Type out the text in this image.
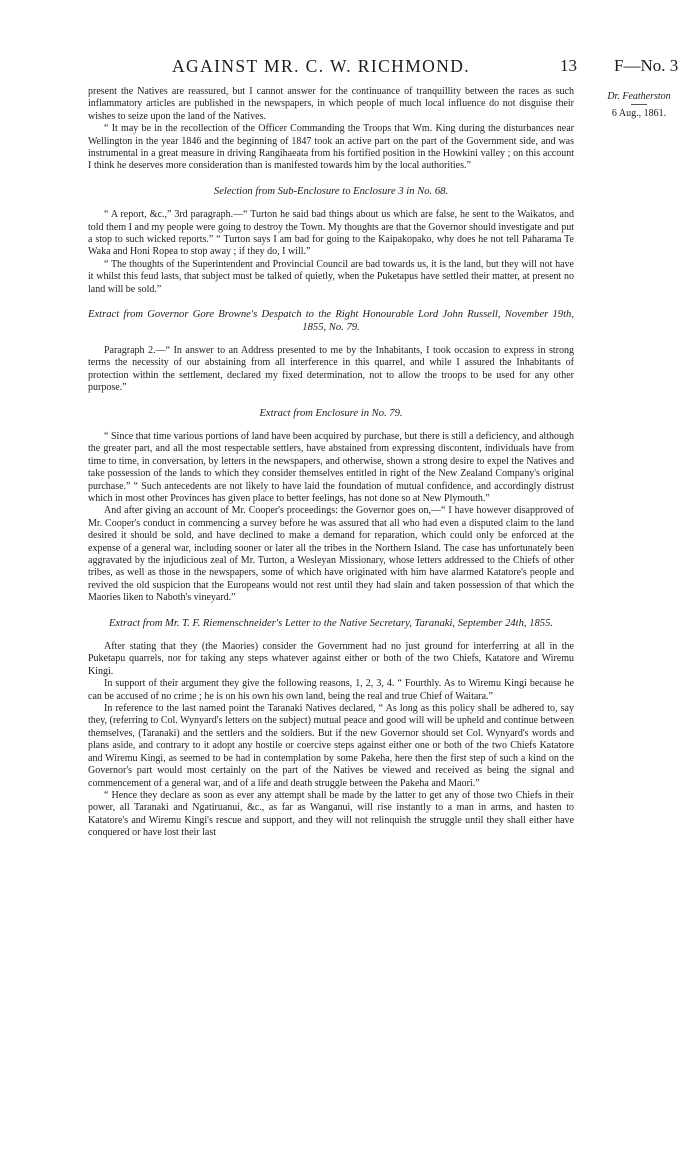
AGAINST MR. C. W. RICHMOND.	13 F—No. 3
Dr. Featherston
6 Aug., 1861.

present the Natives are reassured, but I cannot answer for the continuance of tranquillity between the races as such inflammatory articles are published in the newspapers, in which people of much local influence do not disguise their wishes to seize upon the land of the Natives.

“ It may be in the recollection of the Officer Commanding the Troops that Wm. King during the disturbances near Wellington in the year 1846 and the beginning of 1847 took an active part on the part of the Government side, and was instrumental in a great measure in driving Rangihaeata from his fortified position in the Howkini valley ; on this account I think he deserves more consideration than is manifested towards him by the local authorities.”

Selection from Sub-Enclosure to Enclosure 3 in No. 68.

“ A report, &c.,” 3rd paragraph.—“ Turton he said bad things about us which are false, he sent to the Waikatos, and told them I and my people were going to destroy the Town. My thoughts are that the Governor should investigate and put a stop to such wicked reports.” “ Turton says I am bad for going to the Kaipakopako, why does he not tell Paharama Te Waka and Honi Ropea to stop away ; if they do, I will.”

“ The thoughts of the Superintendent and Provincial Council are bad towards us, it is the land, but they will not have it whilst this feud lasts, that subject must be talked of quietly, when the Puketapus have settled their matter, at present no land will be sold.”

Extract from Governor Gore Browne's Despatch to the Right Honourable Lord John Russell, November 19th, 1855, No. 79.

Paragraph 2.—“ In answer to an Address presented to me by the Inhabitants, I took occasion to express in strong terms the necessity of our abstaining from all interference in this quarrel, and while I assured the Inhabitants of protection within the settlement, declared my fixed determination, not to allow the troops to be used for any other purpose.”

Extract from Enclosure in No. 79.

“ Since that time various portions of land have been acquired by purchase, but there is still a deficiency, and although the greater part, and all the most respectable settlers, have abstained from expressing discontent, individuals have from time to time, in conversation, by letters in the newspapers, and otherwise, shown a strong desire to expel the Natives and take possession of the lands to which they consider themselves entitled in right of the New Zealand Company's original purchase.” “ Such antecedents are not likely to have laid the foundation of mutual confidence, and accordingly distrust which in most other Provinces has given place to better feelings, has not done so at New Plymouth.”

And after giving an account of Mr. Cooper's proceedings: the Governor goes on,—“ I have however disapproved of Mr. Cooper's conduct in commencing a survey before he was assured that all who had even a disputed claim to the land desired it should be sold, and have declined to make a demand for reparation, which could only be enforced at the expense of a general war, including sooner or later all the tribes in the Northern Island. The case has unfortunately been aggravated by the injudicious zeal of Mr. Turton, a Wesleyan Missionary, whose letters addressed to the Chiefs of other tribes, as well as those in the newspapers, some of which have originated with him have alarmed Katatore's people and revived the old suspicion that the Europeans would not rest until they had slain and taken possession of that which the Maories liken to Naboth's vineyard.”

Extract from Mr. T. F. Riemenschneider's Letter to the Native Secretary, Taranaki, September 24th, 1855.

After stating that they (the Maories) consider the Government had no just ground for interferring at all in the Puketapu quarrels, nor for taking any steps whatever against either or both of the two Chiefs, Katatore and Wiremu Kingi.

In support of their argument they give the following reasons, 1, 2, 3, 4. “ Fourthly. As to Wiremu Kingi because he can be accused of no crime ; he is on his own his own land, being the real and true Chief of Waitara.”

In reference to the last named point the Taranaki Natives declared, “ As long as this policy shall be adhered to, say they, (referring to Col. Wynyard's letters on the subject) mutual peace and good will will be upheld and continue between themselves, (Taranaki) and the settlers and the soldiers. But if the new Governor should set Col. Wynyard's words and plans aside, and contrary to it adopt any hostile or coercive steps against either one or both of the two Chiefs Katatore and Wiremu Kingi, as seemed to be had in contemplation by some Pakeha, here then the first step of such a kind on the Governor's part would most certainly on the part of the Natives be viewed and received as being the signal and commencement of a general war, and of a life and death struggle between the Pakeha and Maori.”

“ Hence they declare as soon as ever any attempt shall be made by the latter to get any of those two Chiefs in their power, all Taranaki and Ngatiruanui, &c., as far as Wanganui, will rise instantly to a man in arms, and hasten to Katatore's and Wiremu Kingi's rescue and support, and they will not relinquish the struggle until they shall either have conquered or have lost their last
